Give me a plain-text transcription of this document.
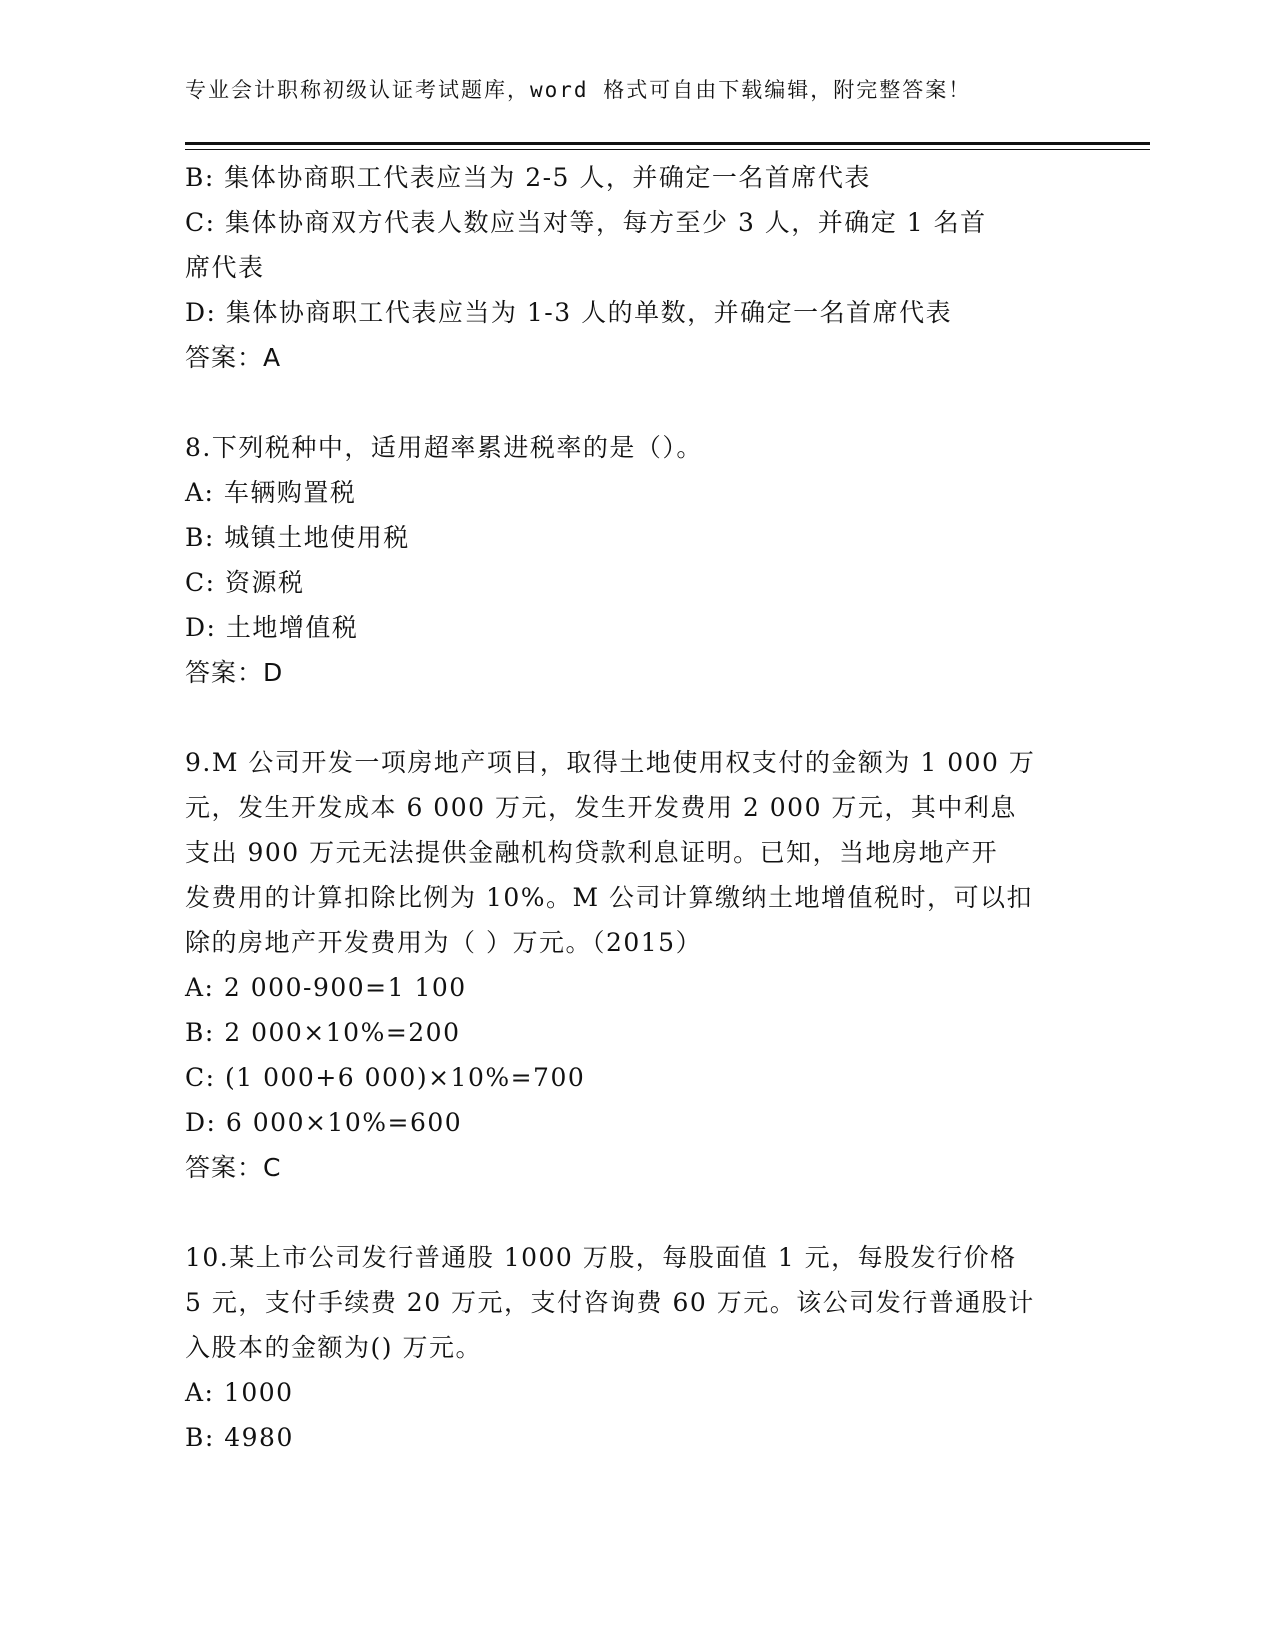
专业会计职称初级认证考试题库，word 格式可自由下载编辑，附完整答案！
B: 集体协商职工代表应当为 2-5 人，并确定一名首席代表
C: 集体协商双方代表人数应当对等，每方至少 3 人，并确定 1 名首
席代表
D: 集体协商职工代表应当为 1-3 人的单数，并确定一名首席代表
答案：A
8.下列税种中，适用超率累进税率的是（）。
A: 车辆购置税
B: 城镇土地使用税
C: 资源税
D: 土地增值税
答案：D
9.M 公司开发一项房地产项目，取得土地使用权支付的金额为 1 000 万
元，发生开发成本 6 000 万元，发生开发费用 2 000 万元，其中利息
支出 900 万元无法提供金融机构贷款利息证明。已知，当地房地产开
发费用的计算扣除比例为 10%。M 公司计算缴纳土地增值税时，可以扣
除的房地产开发费用为（ ）万元。（2015）
A: 2 000-900=1 100
B: 2 000×10%=200
C: (1 000+6 000)×10%=700
D: 6 000×10%=600
答案：C
10.某上市公司发行普通股 1000 万股，每股面值 1 元，每股发行价格
5 元，支付手续费 20 万元，支付咨询费 60 万元。该公司发行普通股计
入股本的金额为() 万元。
A: 1000
B: 4980
